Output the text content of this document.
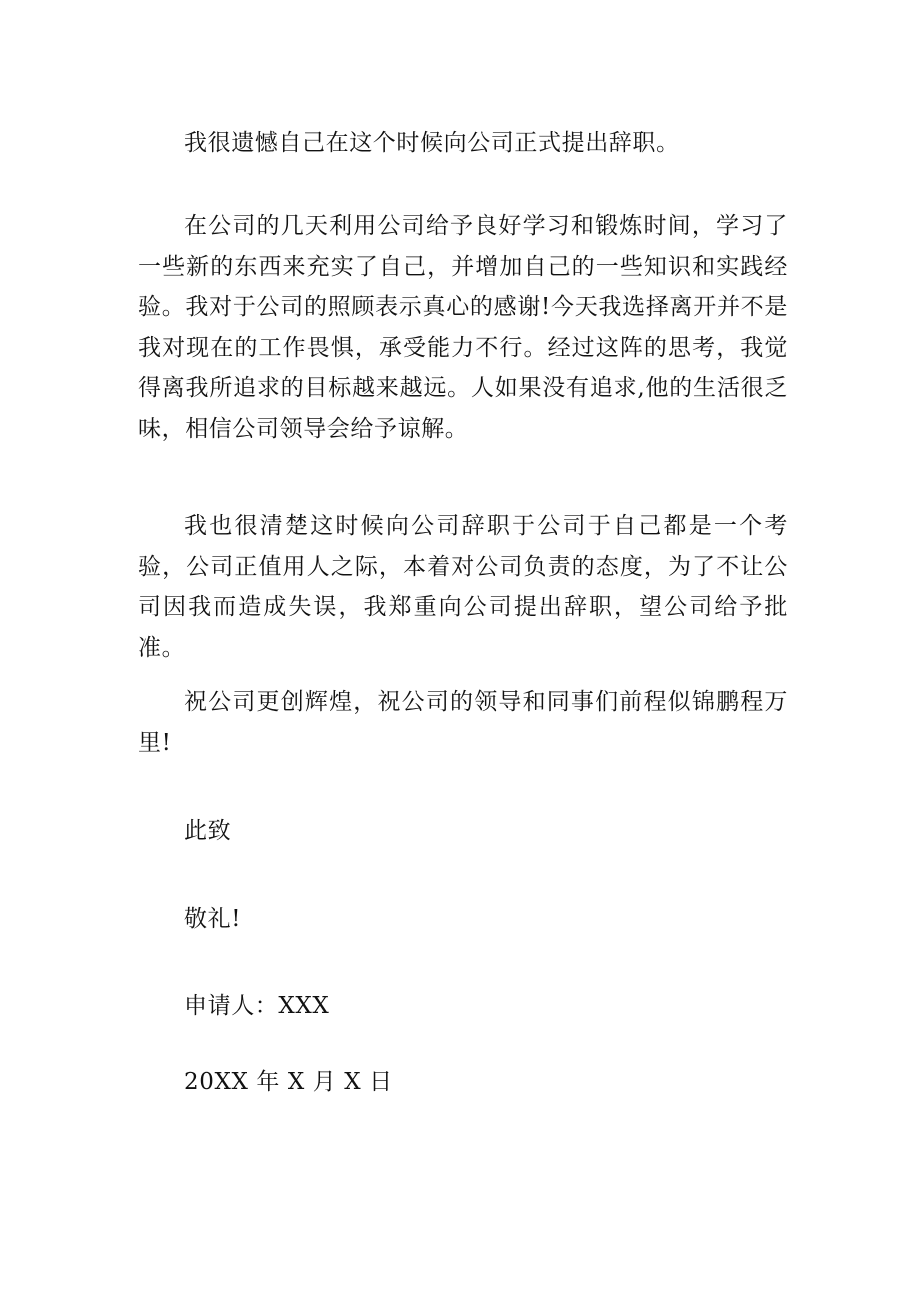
我很遗憾自己在这个时候向公司正式提出辞职。
在公司的几天利用公司给予良好学习和锻炼时间，学习了一些新的东西来充实了自己，并增加自己的一些知识和实践经验。我对于公司的照顾表示真心的感谢!今天我选择离开并不是我对现在的工作畏惧，承受能力不行。经过这阵的思考，我觉得离我所追求的目标越来越远。人如果没有追求,他的生活很乏味，相信公司领导会给予谅解。
我也很清楚这时候向公司辞职于公司于自己都是一个考验，公司正值用人之际，本着对公司负责的态度，为了不让公司因我而造成失误，我郑重向公司提出辞职，望公司给予批准。
祝公司更创辉煌，祝公司的领导和同事们前程似锦鹏程万里!
此致
敬礼!
申请人：XXX
20XX 年 X 月 X 日
